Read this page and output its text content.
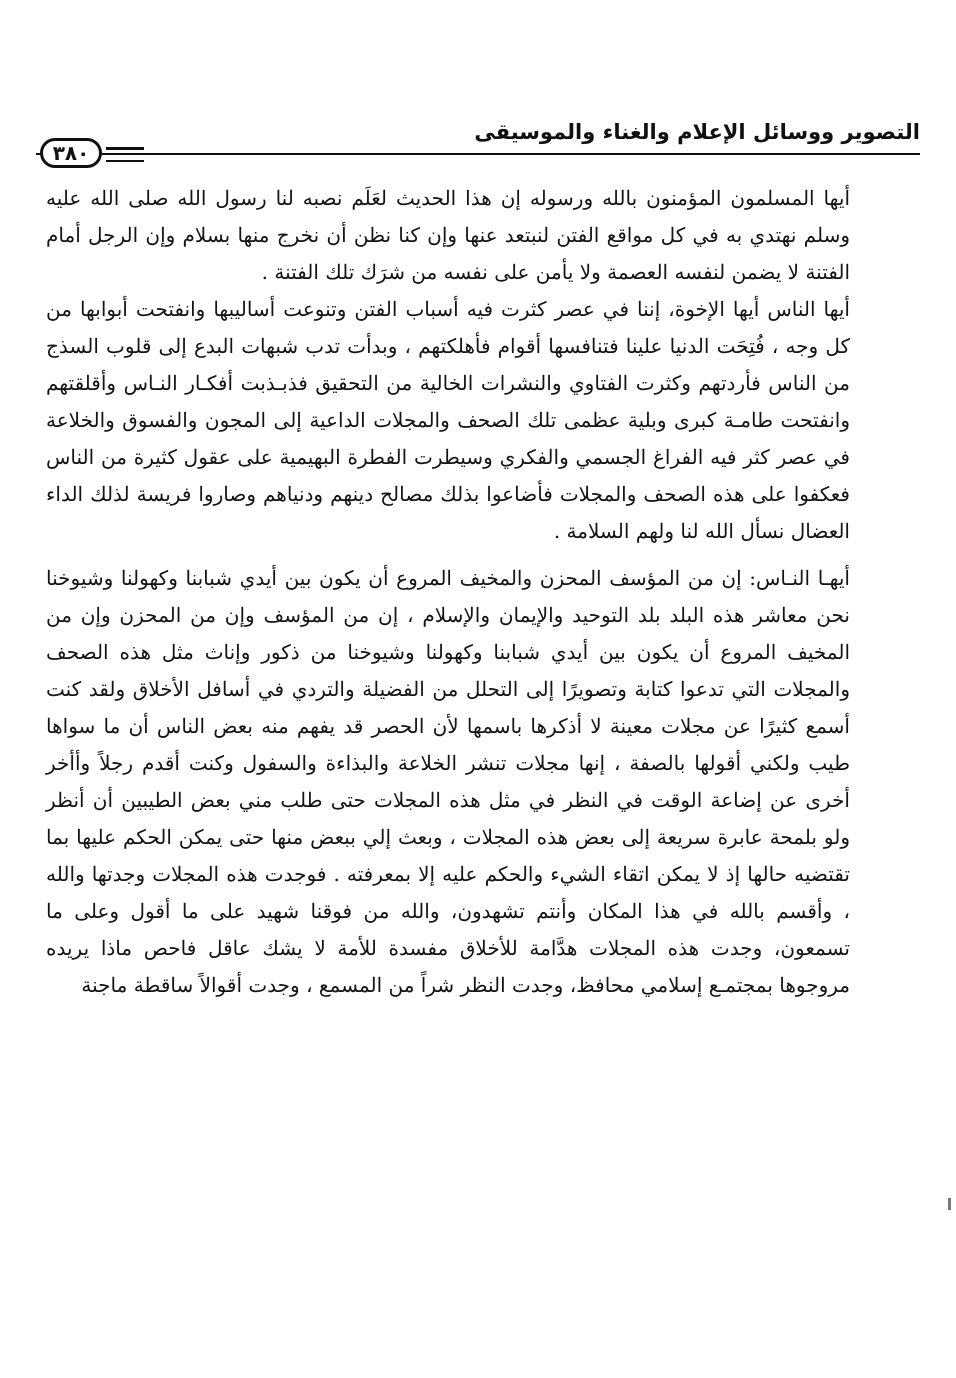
التصوير ووسائل الإعلام والغناء والموسيقى
٣٨٠

أيها المسلمون المؤمنون بالله ورسوله إن هذا الحديث لعَلَم نصبه لنا رسول الله صلى الله عليه وسلم نهتدي به في كل مواقع الفتن لنبتعد عنها وإن كنا نظن أن نخرج منها بسلام وإن الرجل أمام الفتنة لا يضمن لنفسه العصمة ولا يأمن على نفسه من شرَك تلك الفتنة .

أيها الناس أيها الإخوة، إننا في عصر كثرت فيه أسباب الفتن وتنوعت أساليبها وانفتحت أبوابها من كل وجه ، فُتِحَت الدنيا علينا فتنافسها أقوام فأهلكتهم ، وبدأت تدب شبهات البدع إلى قلوب السذج من الناس فأردتهم وكثرت الفتاوي والنشرات الخالية من التحقيق فذبـذبت أفكـار النـاس وأقلقتهم وانفتحت طامـة كبرى وبلية عظمى تلك الصحف والمجلات الداعية إلى المجون والفسوق والخلاعة في عصر كثر فيه الفراغ الجسمي والفكري وسيطرت الفطرة البهيمية على عقول كثيرة من الناس فعكفوا على هذه الصحف والمجلات فأضاعوا بذلك مصالح دينهم ودنياهم وصاروا فريسة لذلك الداء العضال نسأل الله لنا ولهم السلامة .

أيهـا النـاس: إن من المؤسف المحزن والمخيف المروع أن يكون بين أيدي شبابنا وكهولنا وشيوخنا نحن معاشر هذه البلد بلد التوحيد والإيمان والإسلام ، إن من المؤسف وإن من المحزن وإن من المخيف المروع أن يكون بين أيدي شبابنا وكهولنا وشيوخنا من ذكور وإناث مثل هذه الصحف والمجلات التي تدعوا كتابة وتصويرًا إلى التحلل من الفضيلة والتردي في أسافل الأخلاق ولقد كنت أسمع كثيرًا عن مجلات معينة لا أذكرها باسمها لأن الحصر قد يفهم منه بعض الناس أن ما سواها طيب ولكني أقولها بالصفة ، إنها مجلات تنشر الخلاعة والبذاءة والسفول وكنت أقدم رجلاً وأأخر أخرى عن إضاعة الوقت في النظر في مثل هذه المجلات حتى طلب مني بعض الطيبين أن أنظر ولو بلمحة عابرة سريعة إلى بعض هذه المجلات ، وبعث إلي ببعض منها حتى يمكن الحكم عليها بما تقتضيه حالها إذ لا يمكن اتقاء الشيء والحكم عليه إلا بمعرفته . فوجدت هذه المجلات وجدتها والله ، وأقسم بالله في هذا المكان وأنتم تشهدون، والله من فوقنا شهيد على ما أقول وعلى ما تسمعون، وجدت هذه المجلات هدَّامة للأخلاق مفسدة للأمة لا يشك عاقل فاحص ماذا يريده مروجوها بمجتمـع إسلامي محافظ، وجدت النظر شراً من المسمع ، وجدت أقوالاً ساقطة ماجنة
